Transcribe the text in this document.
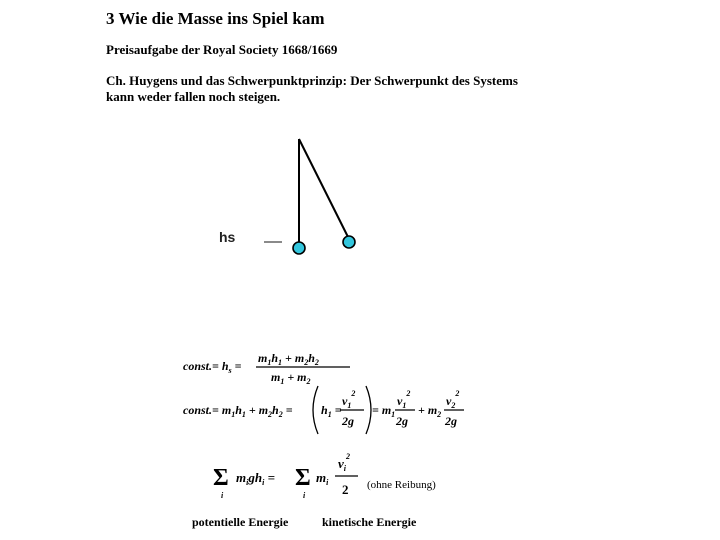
3 Wie die Masse ins Spiel kam
Preisaufgabe der Royal Society 1668/1669
Ch. Huygens und das Schwerpunktprinzip: Der Schwerpunkt des Systems
kann weder fallen noch steigen.
hs
const.= $h_s$ =
$m_1h_1 + m_2h_2$
$m_1 + m_2$
const.= $m_1h_1 + m_2h_2 = h_1$ =
$v_1^2$
2g
= $m_1$
$v_1^2$
2g
+ $m_2$
$v_2^2$
2g
Σ
i
$m_igh_i = \Sigma$
i
$m_i$
$v_i^2$
2 (ohne Reibung)
potentielle Energie	kinetische Energie
